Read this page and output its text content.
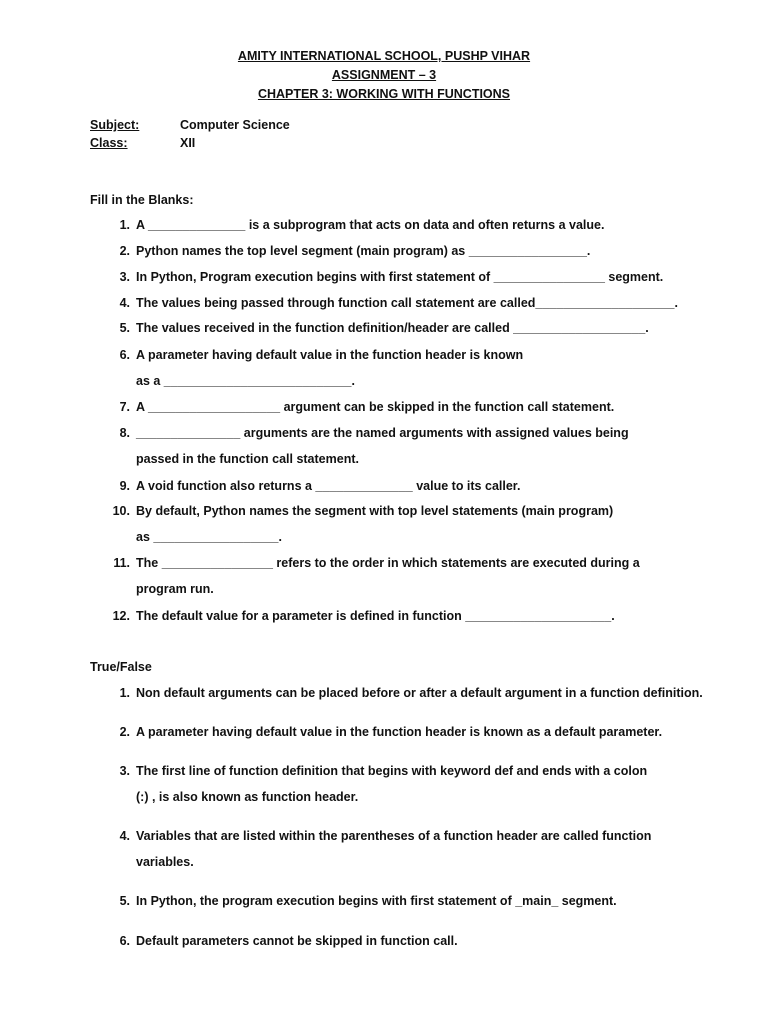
AMITY INTERNATIONAL SCHOOL, PUSHP VIHAR
ASSIGNMENT – 3
CHAPTER 3: WORKING WITH FUNCTIONS
Subject:	Computer Science
Class:	XII
Fill in the Blanks:
1. A ______________ is a subprogram that acts on data and often returns a value.
2. Python names the top level segment (main program) as _________________.
3. In Python, Program execution begins with first statement of ________________ segment.
4. The values being passed through function call statement are called____________________.
5. The values received in the function definition/header are called ___________________.
6. A parameter having default value in the function header is known as a ___________________________.
7. A ___________________ argument can be skipped in the function call statement.
8. _______________ arguments are the named arguments with assigned values being passed in the function call statement.
9. A void function also returns a ______________ value to its caller.
10. By default, Python names the segment with top level statements (main program) as __________________.
11. The ________________ refers to the order in which statements are executed during a program run.
12. The default value for a parameter is defined in function _____________________.
True/False
1. Non default arguments can be placed before or after a default argument in a function definition.
2. A parameter having default value in the function header is known as a default parameter.
3. The first line of function definition that begins with keyword def and ends with a colon (:) , is also known as function header.
4. Variables that are listed within the parentheses of a function header are called function variables.
5. In Python, the program execution begins with first statement of _main_ segment.
6. Default parameters cannot be skipped in function call.
